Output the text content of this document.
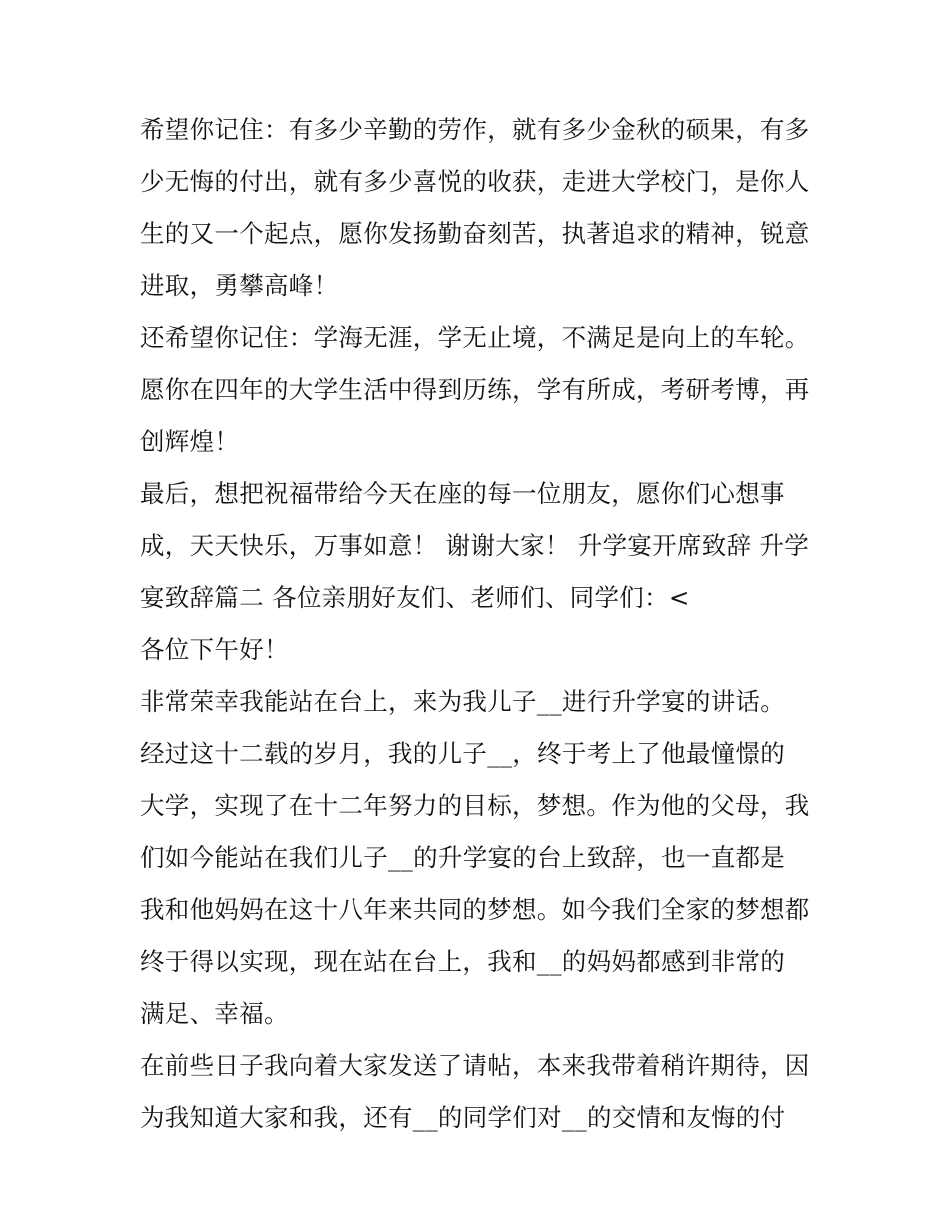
希望你记住：有多少辛勤的劳作，就有多少金秋的硕果，有多
少无悔的付出，就有多少喜悦的收获，走进大学校门，是你人
生的又一个起点，愿你发扬勤奋刻苦，执著追求的精神，锐意
进取，勇攀高峰！
还希望你记住：学海无涯，学无止境，不满足是向上的车轮。
愿你在四年的大学生活中得到历练，学有所成，考研考博，再
创辉煌！
最后，想把祝福带给今天在座的每一位朋友，愿你们心想事
成，天天快乐，万事如意！ 谢谢大家！ 升学宴开席致辞 升学
宴致辞篇二 各位亲朋好友们、老师们、同学们：<
各位下午好！
非常荣幸我能站在台上，来为我儿子__进行升学宴的讲话。
经过这十二载的岁月，我的儿子__，终于考上了他最憧憬的
大学，实现了在十二年努力的目标，梦想。作为他的父母，我
们如今能站在我们儿子__的升学宴的台上致辞，也一直都是
我和他妈妈在这十八年来共同的梦想。如今我们全家的梦想都
终于得以实现，现在站在台上，我和__的妈妈都感到非常的
满足、幸福。
在前些日子我向着大家发送了请帖，本来我带着稍许期待，因
为我知道大家和我，还有__的同学们对__的交情和友悔的付
